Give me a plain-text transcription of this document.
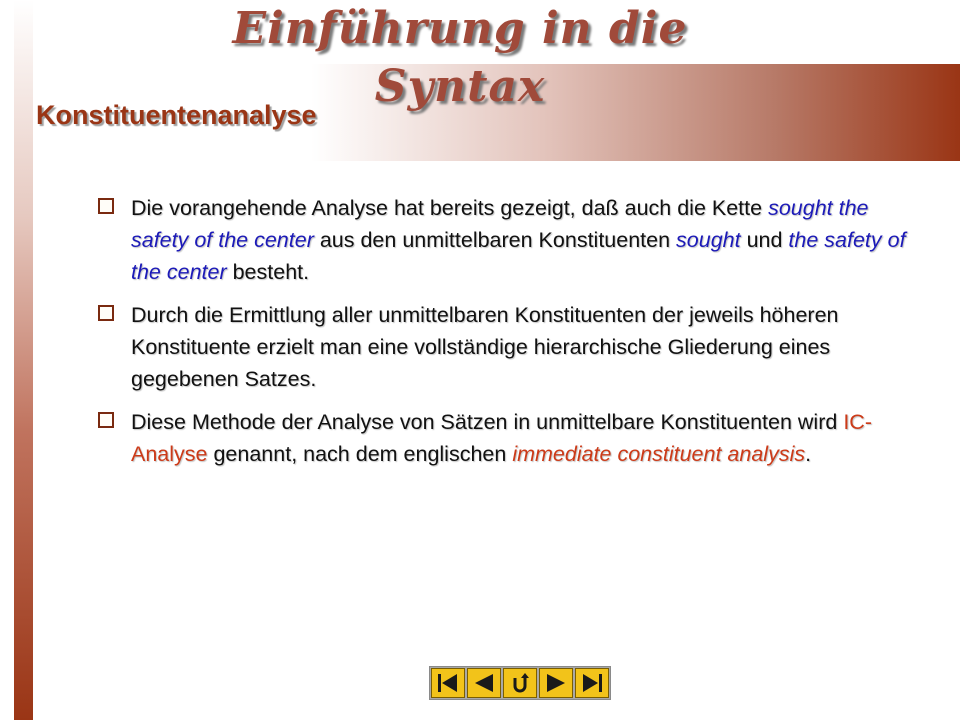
Einführung in die Syntax
Konstituentenanalyse
Die vorangehende Analyse hat bereits gezeigt, daß auch die Kette sought the safety of the center aus den unmittelbaren Konstituenten sought und the safety of the center besteht.
Durch die Ermittlung aller unmittelbaren Konstituenten der jeweils höheren Konstituente erzielt man eine vollständige hierarchische Gliederung eines gegebenen Satzes.
Diese Methode der Analyse von Sätzen in unmittelbare Konstituenten wird IC-Analyse genannt, nach dem englischen immediate constituent analysis.
